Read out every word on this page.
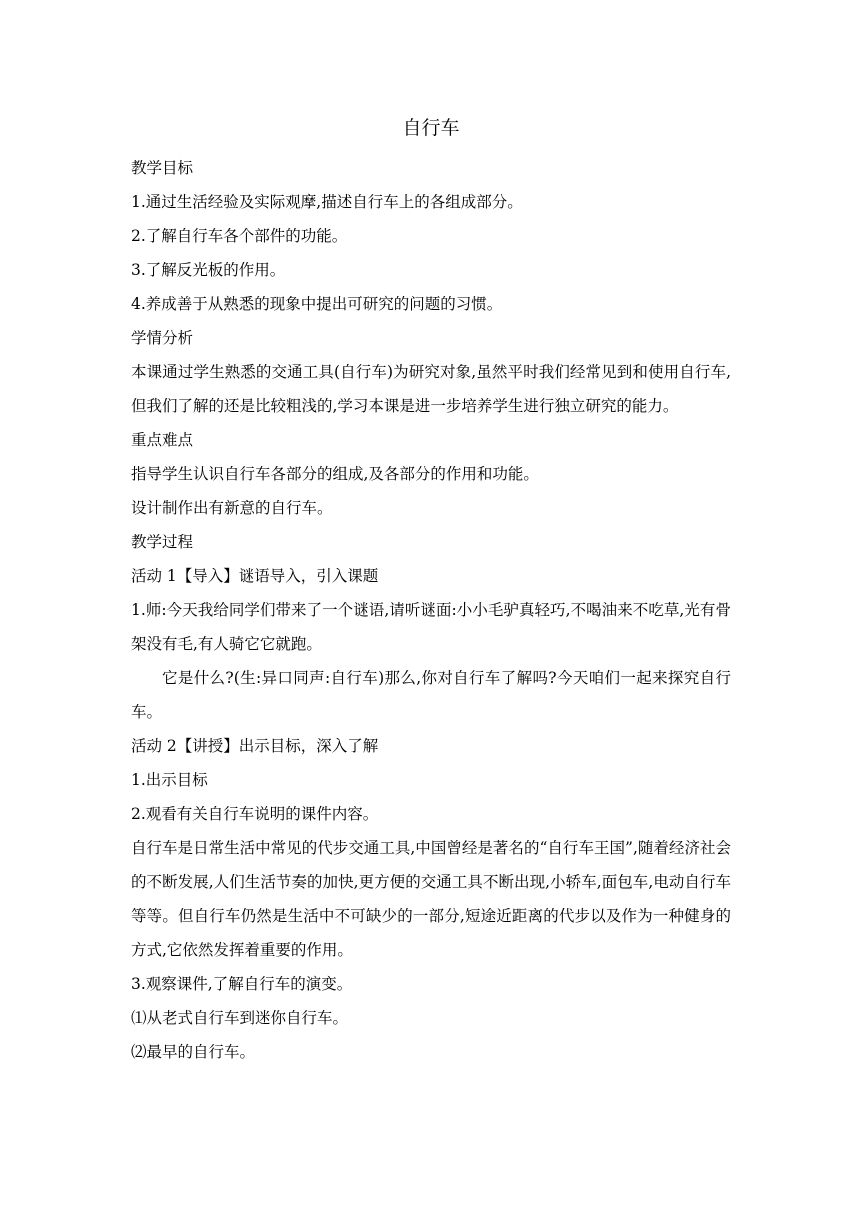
自行车

教学目标

1.通过生活经验及实际观摩,描述自行车上的各组成部分。

2.了解自行车各个部件的功能。

3.了解反光板的作用。

4.养成善于从熟悉的现象中提出可研究的问题的习惯。

学情分析

本课通过学生熟悉的交通工具(自行车)为研究对象,虽然平时我们经常见到和使用自行车,但我们了解的还是比较粗浅的,学习本课是进一步培养学生进行独立研究的能力。

重点难点

指导学生认识自行车各部分的组成,及各部分的作用和功能。

设计制作出有新意的自行车。

教学过程

活动 1【导入】谜语导入，引入课题

1.师:今天我给同学们带来了一个谜语,请听谜面:小小毛驴真轻巧,不喝油来不吃草,光有骨架没有毛,有人骑它它就跑。

它是什么?(生:异口同声:自行车)那么,你对自行车了解吗?今天咱们一起来探究自行车。

活动 2【讲授】出示目标，深入了解

1.出示目标

2.观看有关自行车说明的课件内容。

自行车是日常生活中常见的代步交通工具,中国曾经是著名的“自行车王国”,随着经济社会的不断发展,人们生活节奏的加快,更方便的交通工具不断出现,小轿车,面包车,电动自行车等等。但自行车仍然是生活中不可缺少的一部分,短途近距离的代步以及作为一种健身的方式,它依然发挥着重要的作用。

3.观察课件,了解自行车的演变。

⑴从老式自行车到迷你自行车。

⑵最早的自行车。
